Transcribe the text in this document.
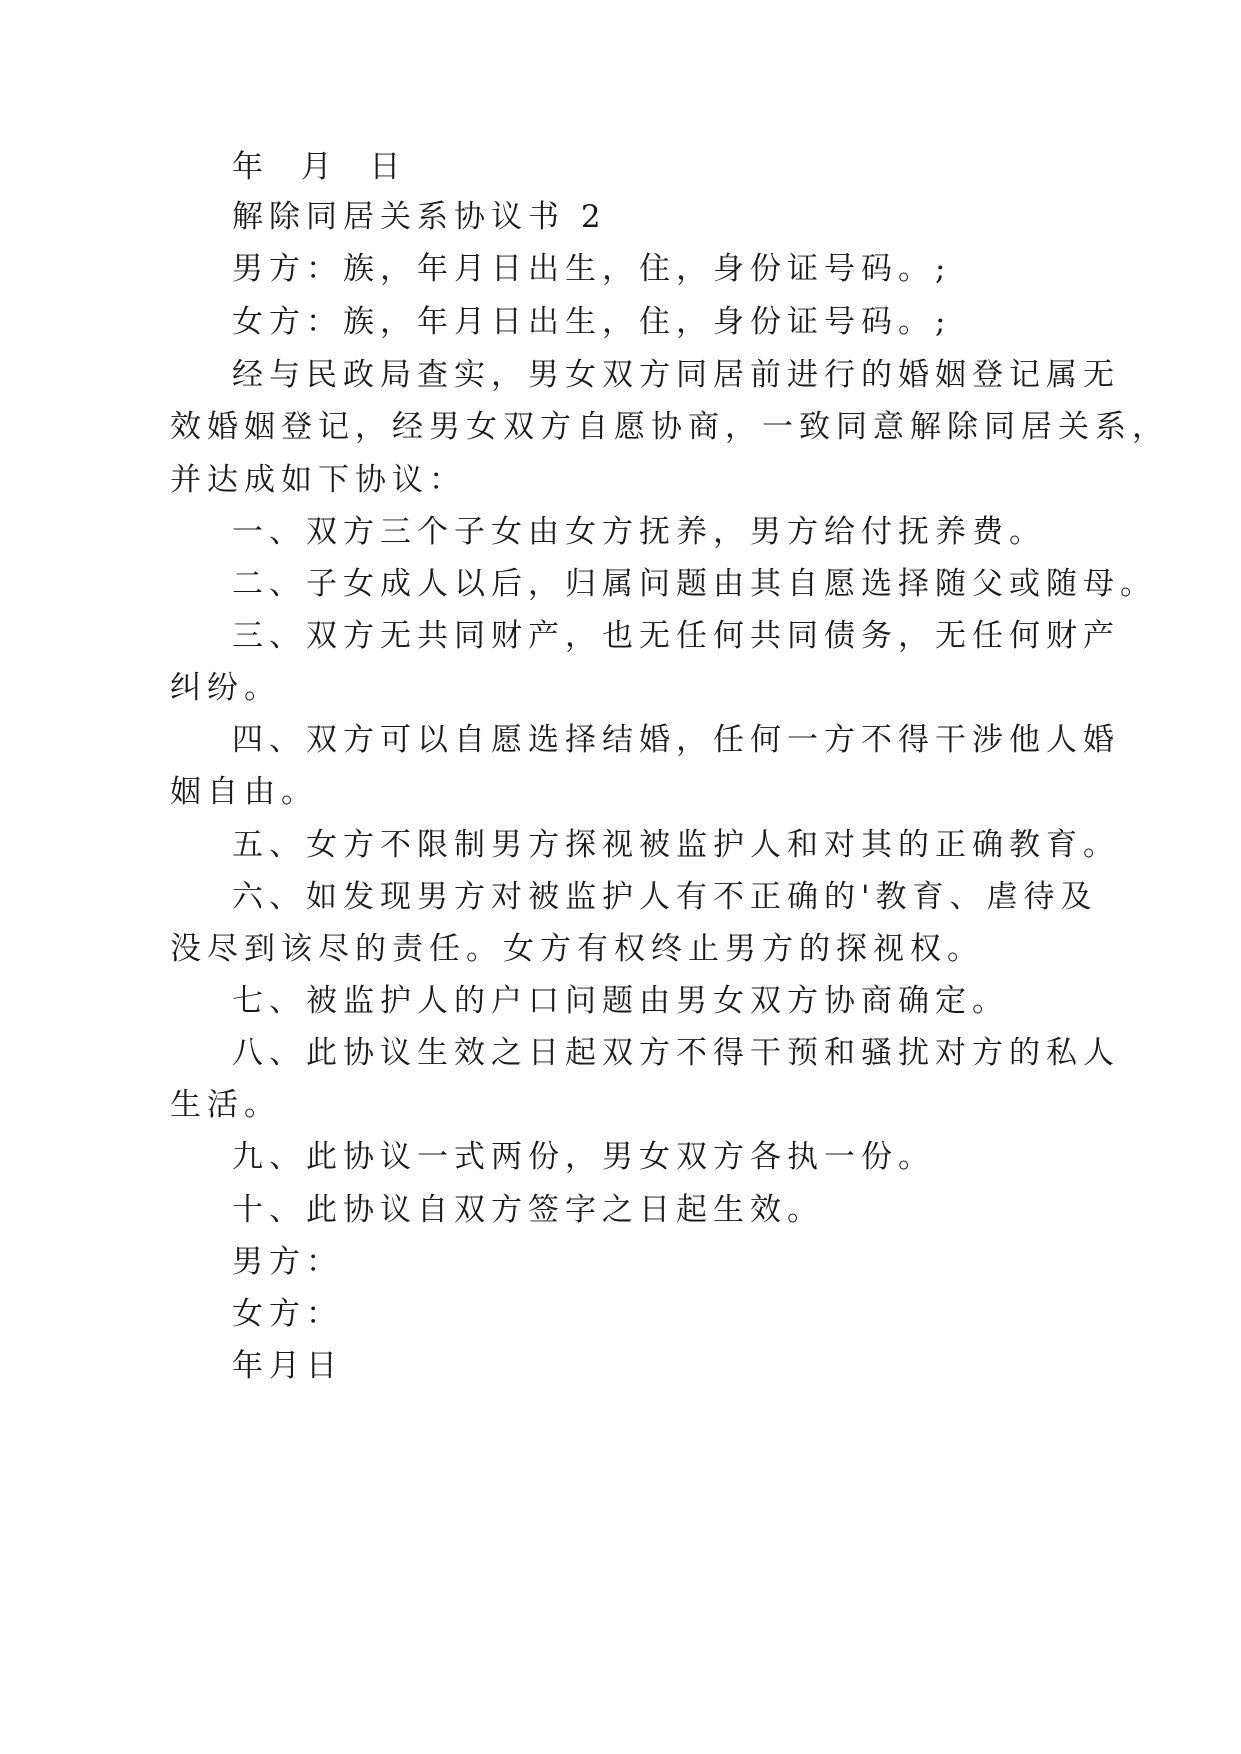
年  月  日
解除同居关系协议书 2
男方：族，年月日出生，住，身份证号码。;
女方：族，年月日出生，住，身份证号码。;
经与民政局查实，男女双方同居前进行的婚姻登记属无
效婚姻登记，经男女双方自愿协商，一致同意解除同居关系，
并达成如下协议：
一、双方三个子女由女方抚养，男方给付抚养费。
二、子女成人以后，归属问题由其自愿选择随父或随母。
三、双方无共同财产，也无任何共同债务，无任何财产
纠纷。
四、双方可以自愿选择结婚，任何一方不得干涉他人婚
姻自由。
五、女方不限制男方探视被监护人和对其的正确教育。
六、如发现男方对被监护人有不正确的'教育、虐待及
没尽到该尽的责任。女方有权终止男方的探视权。
七、被监护人的户口问题由男女双方协商确定。
八、此协议生效之日起双方不得干预和骚扰对方的私人
生活。
九、此协议一式两份，男女双方各执一份。
十、此协议自双方签字之日起生效。
男方：
女方：
年月日
